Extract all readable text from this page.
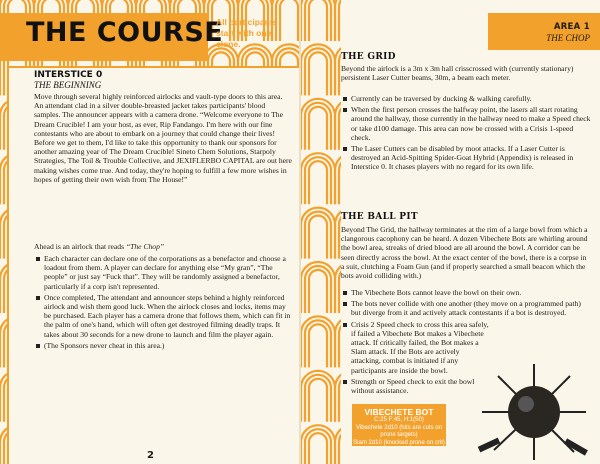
THE COURSE
All participants start with one clone.
INTERSTICE 0
THE BEGINNING
Move through several highly reinforced airlocks and vault-type doors to this area. An attendant clad in a silver double-breasted jacket takes participants' blood samples. The announcer appears with a camera drone. “Welcome everyone to The Dream Crucible! I am your host, as ever, Rip Fandango. I'm here with our fine contestants who are about to embark on a journey that could change their lives! Before we get to them, I'd like to take this opportunity to thank our sponsors for another amazing year of The Dream Crucible! Sineto Chem Solutions, Starpoly Strategies, The Toil & Trouble Collective, and JEXIFLERBO CAPITAL are out here making wishes come true. And today, they're hoping to fulfill a few more wishes in hopes of getting their own wish from The House!”
Ahead is an airlock that reads “The Chop”
Each character can declare one of the corporations as a benefactor and choose a loadout from them. A player can declare for anything else “My gran”, “The people” or just say “Fuck that”. They will be randomly assigned a benefactor, particularly if a corp isn't represented.
Once completed, The attendant and announcer steps behind a highly reinforced airlock and wish them good luck. When the airlock closes and locks, items may be purchased. Each player has a camera drone that follows them, which can fit in the palm of one's hand, which will often get destroyed filming deadly traps. It takes about 30 seconds for a new drone to launch and film the player again.
(The Sponsors never cheat in this area.)
2
AREA 1
THE CHOP
THE GRID
Beyond the airlock is a 3m x 3m hall crisscrossed with (currently stationary) persistent Laser Cutter beams, 30m, a beam each meter.
Currently can be traversed by ducking & walking carefully.
When the first person crosses the halfway point, the lasers all start rotating around the hallway, those currently in the hallway need to make a Speed check or take d100 damage. This area can now be crossed with a Crisis 1-speed check.
The Laser Cutters can be disabled by moot attacks. If a Laser Cutter is destroyed an Acid-Spitting Spider-Goat Hybrid (Appendix) is released in Interstice 0. It chases players with no regard for its own life.
THE BALL PIT
Beyond The Grid, the hallway terminates at the rim of a large bowl from which a clangorous cacophony can be heard. A dozen Vibechete Bots are whirling around the bowl area, streaks of dried blood are all around the bowl. A corridor can be seen directly across the bowl. At the exact center of the bowl, there is a corpse in a suit, clutching a Foam Gun (and if properly searched a small beacon which the bots avoid colliding with.)
The Vibechete Bots cannot leave the bowl on their own.
The bots never collide with one another (they move on a programmed path) but diverge from it and actively attack contestants if a bot is destroyed.
Crisis 2 Speed check to cross this area safely, if failed a Vibechete Bot makes a Vibechete attack. If critically failed, the Bot makes a Slam attack. If the Bots are actively attacking, combat is initiated if any participants are inside the bowl.
Strength or Speed check to exit the bowl without assistance.
VIBECHETE BOT
C:25 F:45, H:1(50)
Vibechete 2d10 (hits are cuts on prone targets)
Slam 2d10 (knocked prone on crit)
